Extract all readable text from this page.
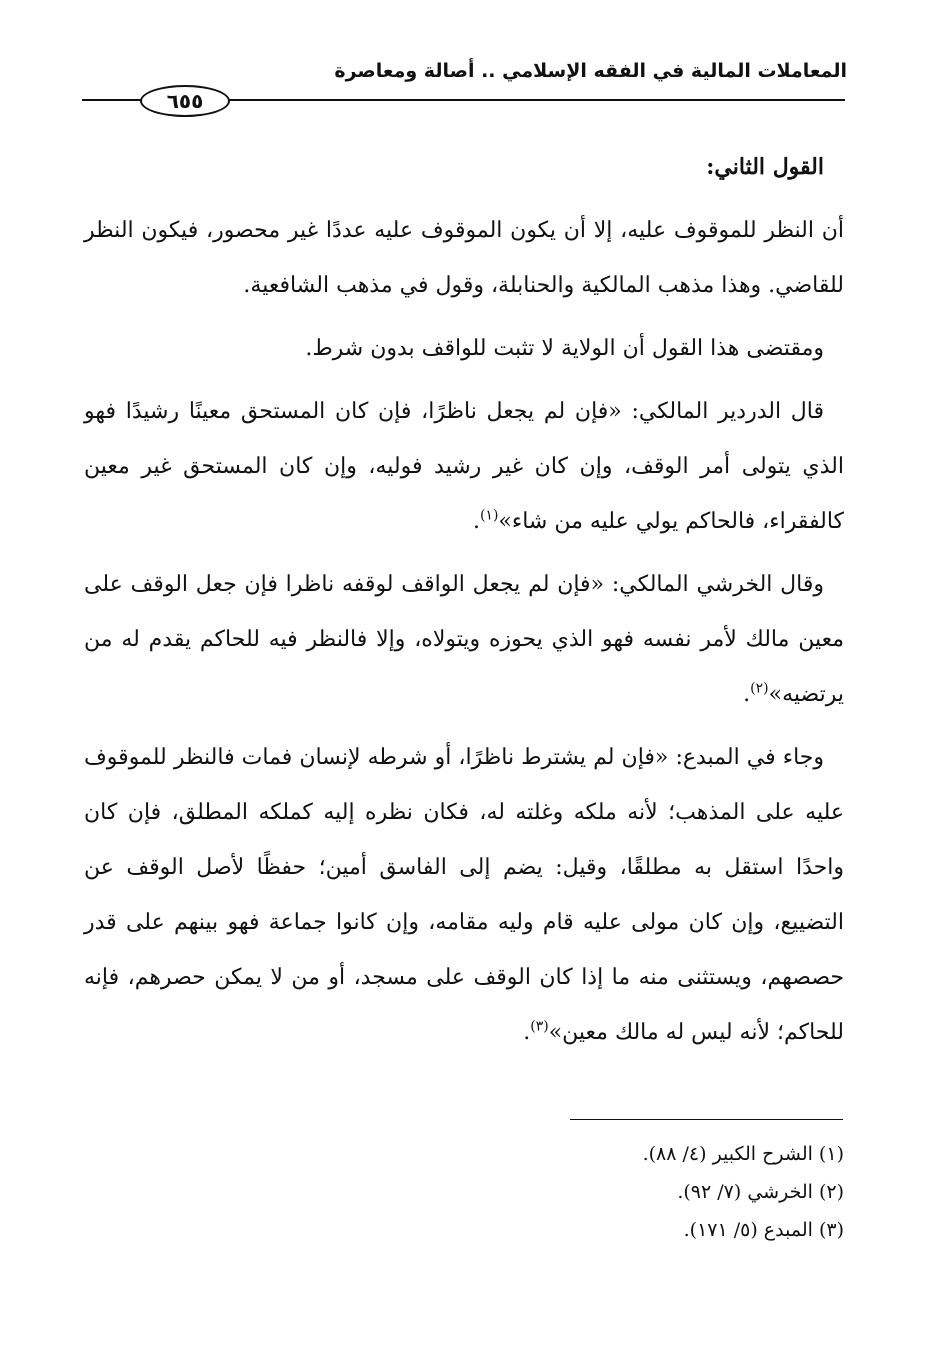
المعاملات المالية في الفقه الإسلامي .. أصالة ومعاصرة
٦٥٥

القول الثاني:

أن النظر للموقوف عليه، إلا أن يكون الموقوف عليه عددًا غير محصور، فيكون النظر للقاضي. وهذا مذهب المالكية والحنابلة، وقول في مذهب الشافعية.

ومقتضى هذا القول أن الولاية لا تثبت للواقف بدون شرط.

قال الدردير المالكي: «فإن لم يجعل ناظرًا، فإن كان المستحق معينًا رشيدًا فهو الذي يتولى أمر الوقف، وإن كان غير رشيد فوليه، وإن كان المستحق غير معين كالفقراء، فالحاكم يولي عليه من شاء»$^{(١)}$.

وقال الخرشي المالكي: «فإن لم يجعل الواقف لوقفه ناظرا فإن جعل الوقف على معين مالك لأمر نفسه فهو الذي يحوزه ويتولاه، وإلا فالنظر فيه للحاكم يقدم له من يرتضيه»$^{(٢)}$.

وجاء في المبدع: «فإن لم يشترط ناظرًا، أو شرطه لإنسان فمات فالنظر للموقوف عليه على المذهب؛ لأنه ملكه وغلته له، فكان نظره إليه كملكه المطلق، فإن كان واحدًا استقل به مطلقًا، وقيل: يضم إلى الفاسق أمين؛ حفظًا لأصل الوقف عن التضييع، وإن كان مولى عليه قام وليه مقامه، وإن كانوا جماعة فهو بينهم على قدر حصصهم، ويستثنى منه ما إذا كان الوقف على مسجد، أو من لا يمكن حصرهم، فإنه للحاكم؛ لأنه ليس له مالك معين»$^{(٣)}$.

(١) الشرح الكبير (٤/ ٨٨).
(٢) الخرشي (٧/ ٩٢).
(٣) المبدع (٥/ ١٧١).
